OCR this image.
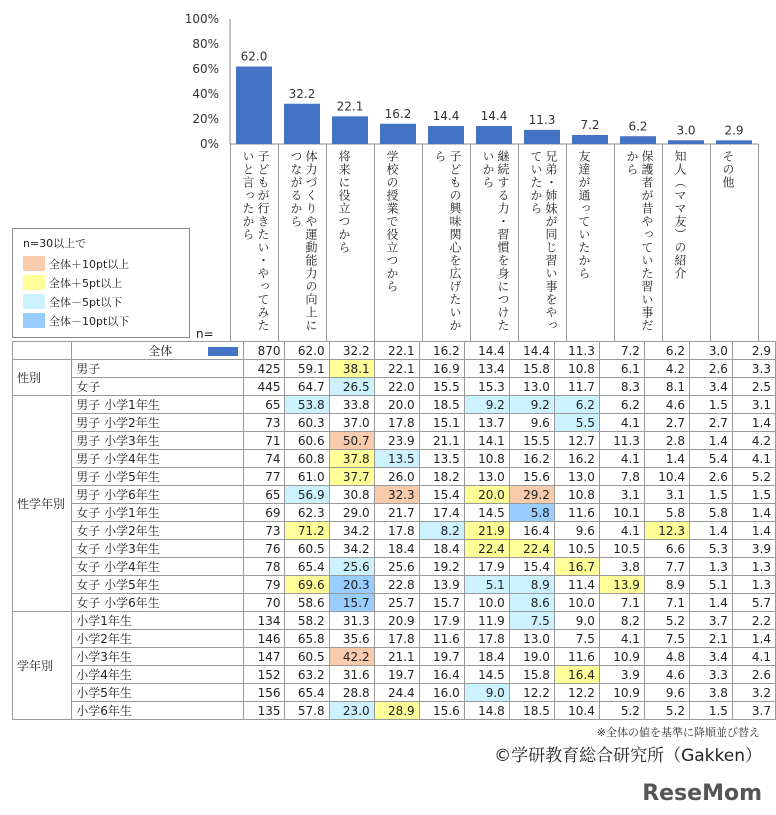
100%
80%
60%
40%
20%
0%
62.0
32.2
22.1
16.2 14.4 14.4 11.3 7.2 6.2 3.0 2.9
子どもが行きたい・やってみたいと言ったから	体力づくりや運動能力の向上につながるから	将来に役立つから	学校の授業で役立つから	子どもの興味関心を広げたいから	継続する力・習慣を身につけたいから	兄弟・姉妹が同じ習い事をやっていたから	友達が通っていたから	保護者が昔やっていた習い事だから	知人（ママ友）の紹介	その他
n=30以上で
全体＋10pt以上
全体＋5pt以上
全体－5pt以下
全体－10pt以下
n=
	全体	870	62.0	32.2	22.1	16.2	14.4	14.4	11.3	7.2	6.2	3.0	2.9
性別	男子	425	59.1	38.1	22.1	16.9	13.4	15.8	10.8	6.1	4.2	2.6	3.3
	女子	445	64.7	26.5	22.0	15.5	15.3	13.0	11.7	8.3	8.1	3.4	2.5
性学年別	男子 小学1年生	65	53.8	33.8	20.0	18.5	9.2	9.2	6.2	6.2	4.6	1.5	3.1
	男子 小学2年生	73	60.3	37.0	17.8	15.1	13.7	9.6	5.5	4.1	2.7	2.7	1.4
	男子 小学3年生	71	60.6	50.7	23.9	21.1	14.1	15.5	12.7	11.3	2.8	1.4	4.2
	男子 小学4年生	74	60.8	37.8	13.5	13.5	10.8	16.2	16.2	4.1	1.4	5.4	4.1
	男子 小学5年生	77	61.0	37.7	26.0	18.2	13.0	15.6	13.0	7.8	10.4	2.6	5.2
	男子 小学6年生	65	56.9	30.8	32.3	15.4	20.0	29.2	10.8	3.1	3.1	1.5	1.5
	女子 小学1年生	69	62.3	29.0	21.7	17.4	14.5	5.8	11.6	10.1	5.8	5.8	1.4
	女子 小学2年生	73	71.2	34.2	17.8	8.2	21.9	16.4	9.6	4.1	12.3	1.4	1.4
	女子 小学3年生	76	60.5	34.2	18.4	18.4	22.4	22.4	10.5	10.5	6.6	5.3	3.9
	女子 小学4年生	78	65.4	25.6	25.6	19.2	17.9	15.4	16.7	3.8	7.7	1.3	1.3
	女子 小学5年生	79	69.6	20.3	22.8	13.9	5.1	8.9	11.4	13.9	8.9	5.1	1.3
	女子 小学6年生	70	58.6	15.7	25.7	15.7	10.0	8.6	10.0	7.1	7.1	1.4	5.7
学年別	小学1年生	134	58.2	31.3	20.9	17.9	11.9	7.5	9.0	8.2	5.2	3.7	2.2
	小学2年生	146	65.8	35.6	17.8	11.6	17.8	13.0	7.5	4.1	7.5	2.1	1.4
	小学3年生	147	60.5	42.2	21.1	19.7	18.4	19.0	11.6	10.9	4.8	3.4	4.1
	小学4年生	152	63.2	31.6	19.7	16.4	14.5	15.8	16.4	3.9	4.6	3.3	2.6
	小学5年生	156	65.4	28.8	24.4	16.0	9.0	12.2	12.2	10.9	9.6	3.8	3.2
	小学6年生	135	57.8	23.0	28.9	15.6	14.8	18.5	10.4	5.2	5.2	1.5	3.7
※全体の値を基準に降順並び替え
©学研教育総合研究所（Gakken）
ReseMom
